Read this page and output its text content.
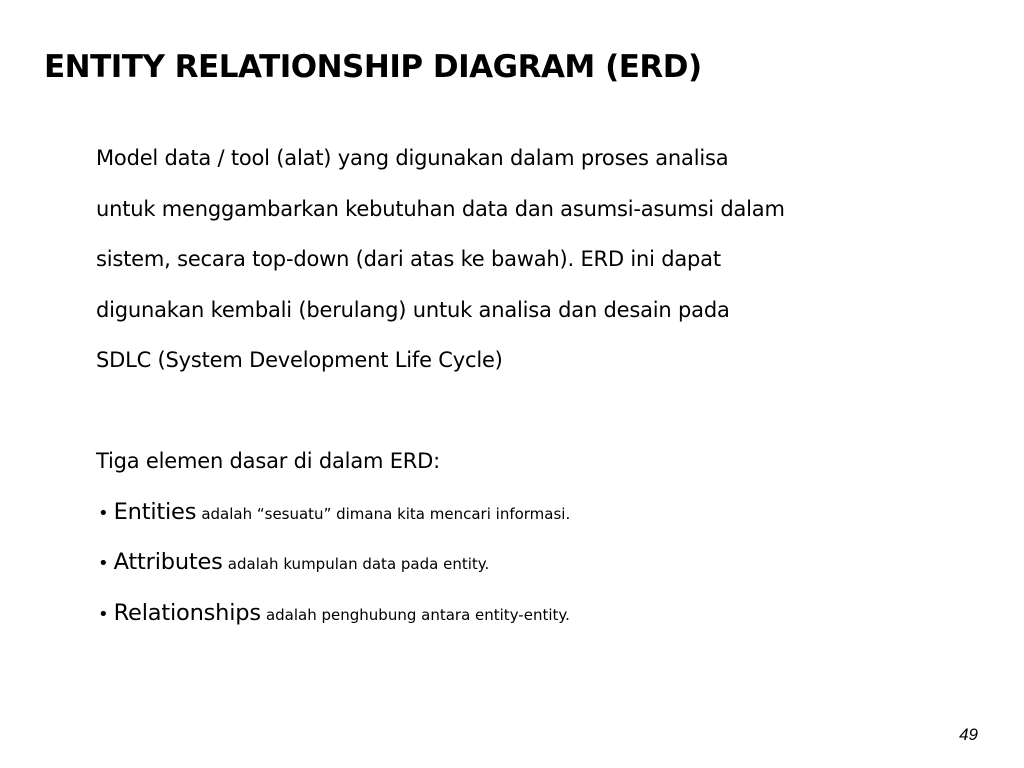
ENTITY RELATIONSHIP DIAGRAM (ERD)

Model data / tool (alat) yang digunakan dalam proses analisa
untuk menggambarkan kebutuhan data dan asumsi-asumsi dalam
sistem, secara top-down (dari atas ke bawah). ERD ini dapat
digunakan kembali (berulang) untuk analisa dan desain pada
SDLC (System Development Life Cycle)

Tiga elemen dasar di dalam ERD:

• Entities adalah “sesuatu” dimana kita mencari informasi.
• Attributes adalah kumpulan data pada entity.
• Relationships adalah penghubung antara entity-entity.
49
